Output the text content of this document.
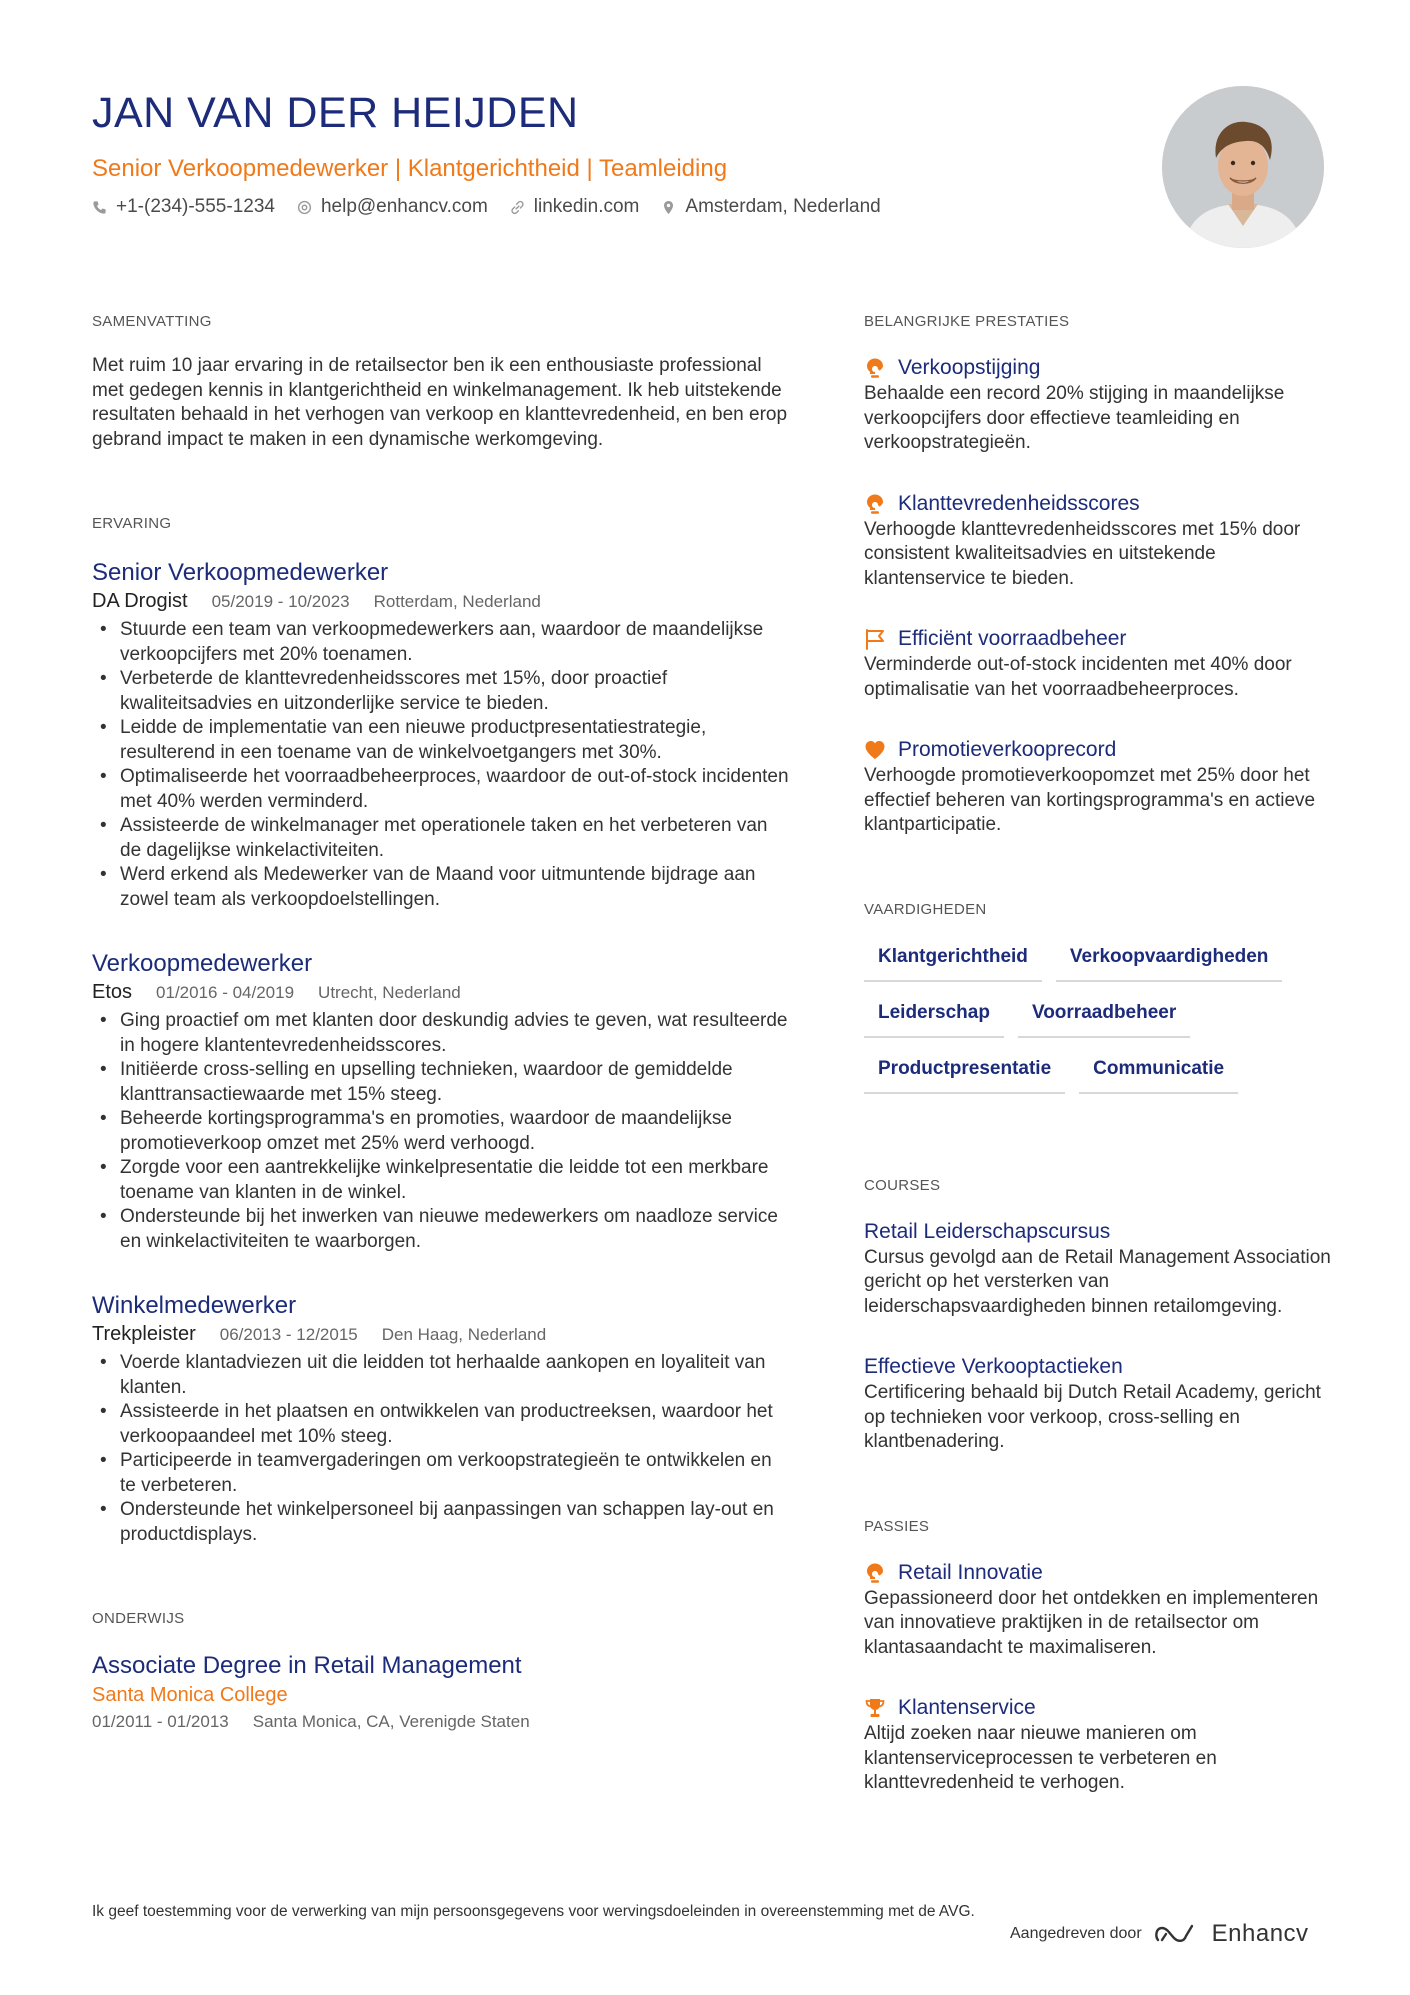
JAN VAN DER HEIJDEN
Senior Verkoopmedewerker | Klantgerichtheid | Teamleiding
+1-(234)-555-1234 help@enhancv.com linkedin.com Amsterdam, Nederland
SAMENVATTING

Met ruim 10 jaar ervaring in de retailsector ben ik een enthousiaste professional met gedegen kennis in klantgerichtheid en winkelmanagement. Ik heb uitstekende resultaten behaald in het verhogen van verkoop en klanttevredenheid, en ben erop gebrand impact te maken in een dynamische werkomgeving.

ERVARING
Senior Verkoopmedewerker
DA Drogist 05/2019 - 10/2023 Rotterdam, Nederland
• Stuurde een team van verkoopmedewerkers aan, waardoor de maandelijkse verkoopcijfers met 20% toenamen.
• Verbeterde de klanttevredenheidsscores met 15%, door proactief kwaliteitsadvies en uitzonderlijke service te bieden.
• Leidde de implementatie van een nieuwe productpresentatiestrategie, resulterend in een toename van de winkelvoetgangers met 30%.
• Optimaliseerde het voorraadbeheerproces, waardoor de out-of-stock incidenten met 40% werden verminderd.
• Assisteerde de winkelmanager met operationele taken en het verbeteren van de dagelijkse winkelactiviteiten.
• Werd erkend als Medewerker van de Maand voor uitmuntende bijdrage aan zowel team als verkoopdoelstellingen.
Verkoopmedewerker
Etos 01/2016 - 04/2019 Utrecht, Nederland
• Ging proactief om met klanten door deskundig advies te geven, wat resulteerde in hogere klantentevredenheidsscores.
• Initiëerde cross-selling en upselling technieken, waardoor de gemiddelde klanttransactiewaarde met 15% steeg.
• Beheerde kortingsprogramma's en promoties, waardoor de maandelijkse promotieverkoop omzet met 25% werd verhoogd.
• Zorgde voor een aantrekkelijke winkelpresentatie die leidde tot een merkbare toename van klanten in de winkel.
• Ondersteunde bij het inwerken van nieuwe medewerkers om naadloze service en winkelactiviteiten te waarborgen.
Winkelmedewerker
Trekpleister 06/2013 - 12/2015 Den Haag, Nederland
• Voerde klantadviezen uit die leidden tot herhaalde aankopen en loyaliteit van klanten.
• Assisteerde in het plaatsen en ontwikkelen van productreeksen, waardoor het verkoopaandeel met 10% steeg.
• Participeerde in teamvergaderingen om verkoopstrategieën te ontwikkelen en te verbeteren.
• Ondersteunde het winkelpersoneel bij aanpassingen van schappen lay-out en productdisplays.
ONDERWIJS
Associate Degree in Retail Management
Santa Monica College
01/2011 - 01/2013 Santa Monica, CA, Verenigde Staten
BELANGRIJKE PRESTATIES
Verkoopstijging

Behaalde een record 20% stijging in maandelijkse verkoopcijfers door effectieve teamleiding en verkoopstrategieën.

Klanttevredenheidsscores

Verhoogde klanttevredenheidsscores met 15% door consistent kwaliteitsadvies en uitstekende klantenservice te bieden.

Efficiënt voorraadbeheer

Verminderde out-of-stock incidenten met 40% door optimalisatie van het voorraadbeheerproces.

Promotieverkooprecord

Verhoogde promotieverkoopomzet met 25% door het effectief beheren van kortingsprogramma's en actieve klantparticipatie.

VAARDIGHEDEN
Klantgerichtheid	Verkoopvaardigheden
Leiderschap	Voorraadbeheer
Productpresentatie	Communicatie
COURSES
Retail Leiderschapscursus

Cursus gevolgd aan de Retail Management Association gericht op het versterken van leiderschapsvaardigheden binnen retailomgeving.

Effectieve Verkooptactieken

Certificering behaald bij Dutch Retail Academy, gericht op technieken voor verkoop, cross-selling en klantbenadering.

PASSIES
Retail Innovatie

Gepassioneerd door het ontdekken en implementeren van innovatieve praktijken in de retailsector om klantasaandacht te maximaliseren.

Klantenservice

Altijd zoeken naar nieuwe manieren om klantenserviceprocessen te verbeteren en klanttevredenheid te verhogen.

Ik geef toestemming voor de verwerking van mijn persoonsgegevens voor wervingsdoeleinden in overeenstemming met de AVG.
Aangedreven door	Enhancv
